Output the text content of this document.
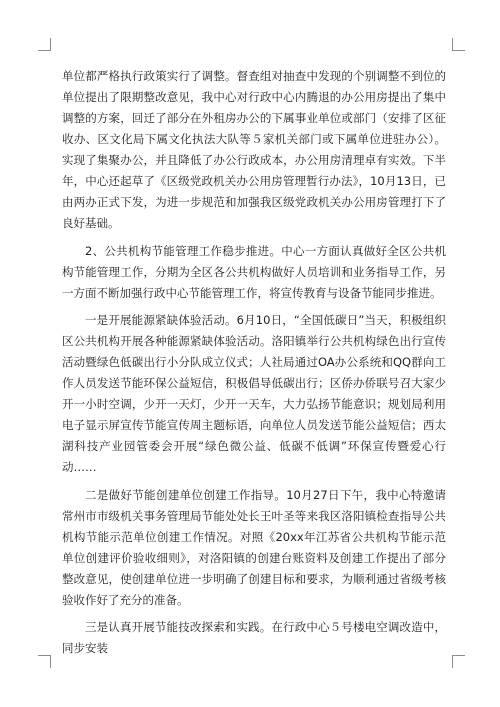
单位都严格执行政策实行了调整。督查组对抽查中发现的个别调整不到位的单位提出了限期整改意见，我中心对行政中心内腾退的办公用房提出了集中调整的方案，回迁了部分在外租房办公的下属事业单位或部门（安排了区征收办、区文化局下属文化执法大队等５家机关部门或下属单位进驻办公）。实现了集聚办公，并且降低了办公行政成本，办公用房清理卓有实效。下半年，中心还起草了《区级党政机关办公用房管理暂行办法》，10月13日，已由两办正式下发，为进一步规范和加强我区级党政机关办公用房管理打下了良好基础。

2、公共机构节能管理工作稳步推进。中心一方面认真做好全区公共机构节能管理工作，分期为全区各公共机构做好人员培训和业务指导工作，另一方面不断加强行政中心节能管理工作，将宣传教育与设备节能同步推进。

一是开展能源紧缺体验活动。6月10日，“全国低碳日”当天，积极组织区公共机构开展各种能源紧缺体验活动。洛阳镇举行公共机构绿色出行宣传活动暨绿色低碳出行小分队成立仪式；人社局通过OA办公系统和QQ群向工作人员发送节能环保公益短信，积极倡导低碳出行；区侨办侨联号召大家少开一小时空调，少开一天灯，少开一天车，大力弘扬节能意识；规划局利用电子显示屏宣传节能宣传周主题标语，向单位人员发送节能公益短信；西太湖科技产业园管委会开展“绿色微公益、低碳不低调”环保宣传暨爱心行动……

二是做好节能创建单位创建工作指导。10月27日下午，我中心特邀请常州市市级机关事务管理局节能处处长王叶圣等来我区洛阳镇检查指导公共机构节能示范单位创建工作情况。对照《20xx年江苏省公共机构节能示范单位创建评价验收细则》，对洛阳镇的创建台账资料及创建工作提出了部分整改意见，使创建单位进一步明确了创建目标和要求，为顺利通过省级考核验收作好了充分的准备。

三是认真开展节能技改探索和实践。在行政中心５号楼电空调改造中，同步安装
